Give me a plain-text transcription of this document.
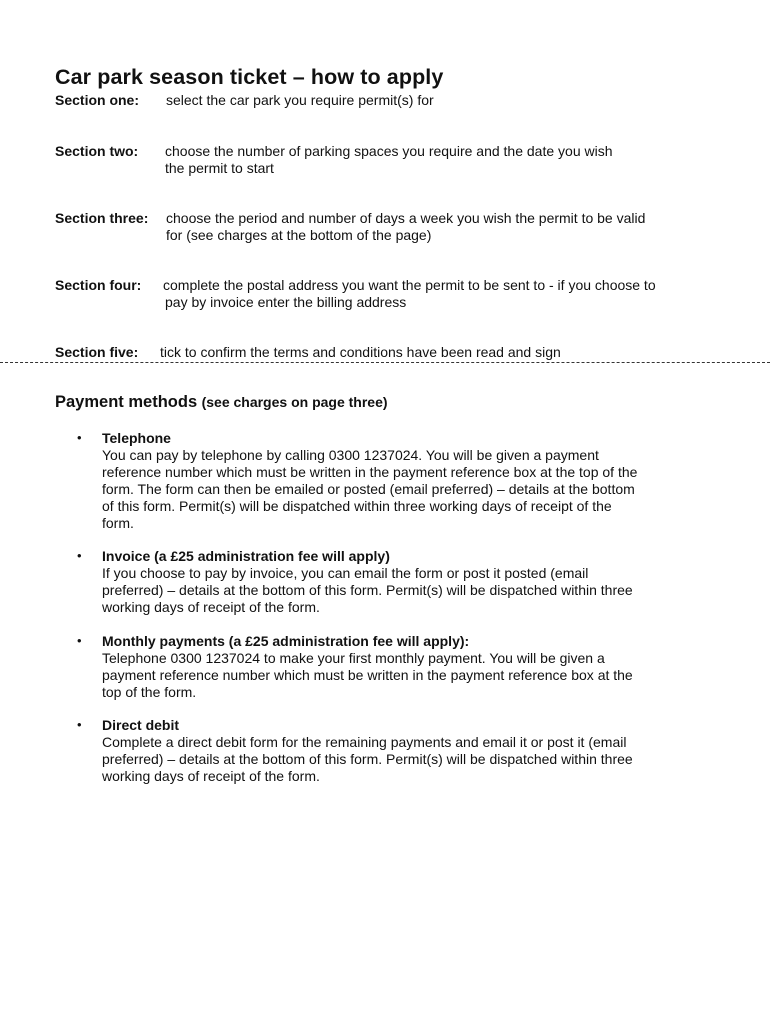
Car park season ticket – how to apply
Section one: select the car park you require permit(s) for
Section two: choose the number of parking spaces you require and the date you wish
the permit to start
Section three: choose the period and number of days a week you wish the permit to be valid
for (see charges at the bottom of the page)
Section four: complete the postal address you want the permit to be sent to - if you choose to
pay by invoice enter the billing address
Section five: tick to confirm the terms and conditions have been read and sign
Payment methods (see charges on page three)
• Telephone
You can pay by telephone by calling 0300 1237024. You will be given a payment
reference number which must be written in the payment reference box at the top of the
form. The form can then be emailed or posted (email preferred) – details at the bottom
of this form. Permit(s) will be dispatched within three working days of receipt of the
form.
• Invoice (a £25 administration fee will apply)
If you choose to pay by invoice, you can email the form or post it posted (email
preferred) – details at the bottom of this form. Permit(s) will be dispatched within three
working days of receipt of the form.
• Monthly payments (a £25 administration fee will apply):
Telephone 0300 1237024 to make your first monthly payment. You will be given a
payment reference number which must be written in the payment reference box at the
top of the form.
• Direct debit
Complete a direct debit form for the remaining payments and email it or post it (email
preferred) – details at the bottom of this form. Permit(s) will be dispatched within three
working days of receipt of the form.
